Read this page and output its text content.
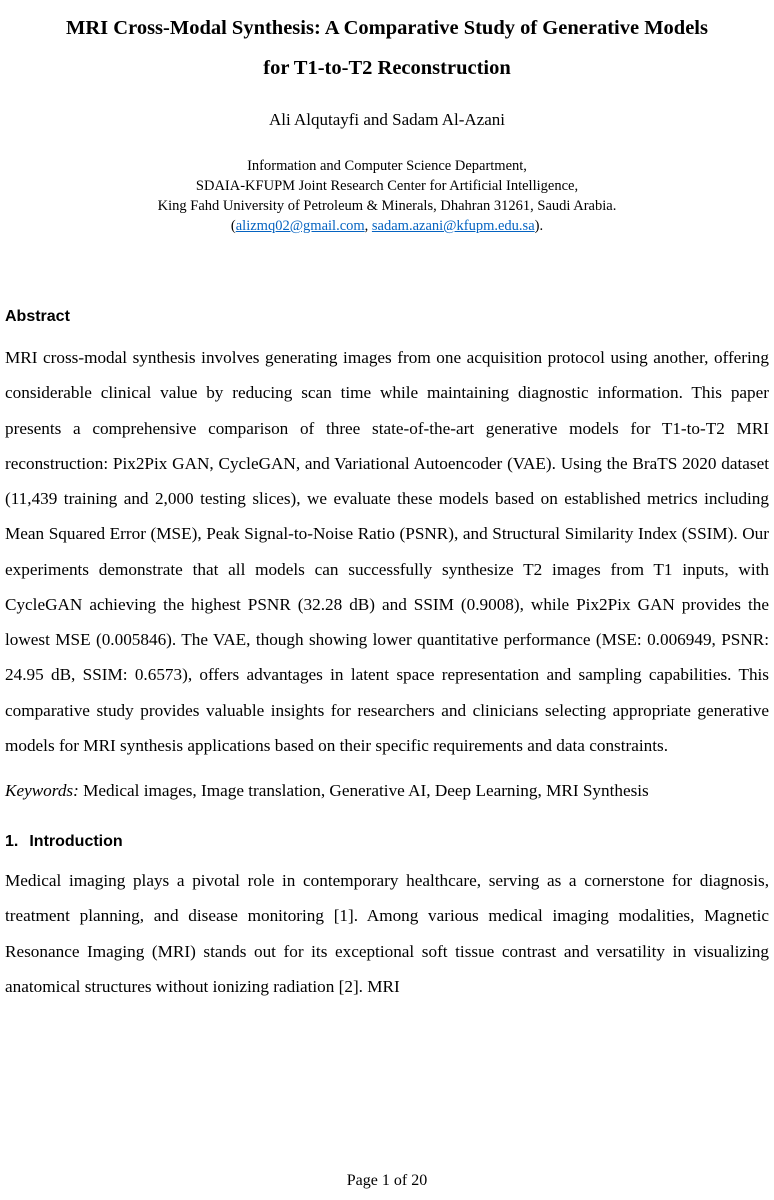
MRI Cross-Modal Synthesis: A Comparative Study of Generative Models
for T1-to-T2 Reconstruction
Ali Alqutayfi and Sadam Al-Azani
Information and Computer Science Department,
SDAIA-KFUPM Joint Research Center for Artificial Intelligence,
King Fahd University of Petroleum & Minerals, Dhahran 31261, Saudi Arabia.
(alizmq02@gmail.com, sadam.azani@kfupm.edu.sa).
Abstract

MRI cross-modal synthesis involves generating images from one acquisition protocol using another, offering considerable clinical value by reducing scan time while maintaining diagnostic information. This paper presents a comprehensive comparison of three state-of-the-art generative models for T1-to-T2 MRI reconstruction: Pix2Pix GAN, CycleGAN, and Variational Autoencoder (VAE). Using the BraTS 2020 dataset (11,439 training and 2,000 testing slices), we evaluate these models based on established metrics including Mean Squared Error (MSE), Peak Signal-to-Noise Ratio (PSNR), and Structural Similarity Index (SSIM). Our experiments demonstrate that all models can successfully synthesize T2 images from T1 inputs, with CycleGAN achieving the highest PSNR (32.28 dB) and SSIM (0.9008), while Pix2Pix GAN provides the lowest MSE (0.005846). The VAE, though showing lower quantitative performance (MSE: 0.006949, PSNR: 24.95 dB, SSIM: 0.6573), offers advantages in latent space representation and sampling capabilities. This comparative study provides valuable insights for researchers and clinicians selecting appropriate generative models for MRI synthesis applications based on their specific requirements and data constraints.

Keywords: Medical images, Image translation, Generative AI, Deep Learning, MRI Synthesis

1. Introduction

Medical imaging plays a pivotal role in contemporary healthcare, serving as a cornerstone for diagnosis, treatment planning, and disease monitoring [1]. Among various medical imaging modalities, Magnetic Resonance Imaging (MRI) stands out for its exceptional soft tissue contrast and versatility in visualizing anatomical structures without ionizing radiation [2]. MRI

Page 1 of 20
